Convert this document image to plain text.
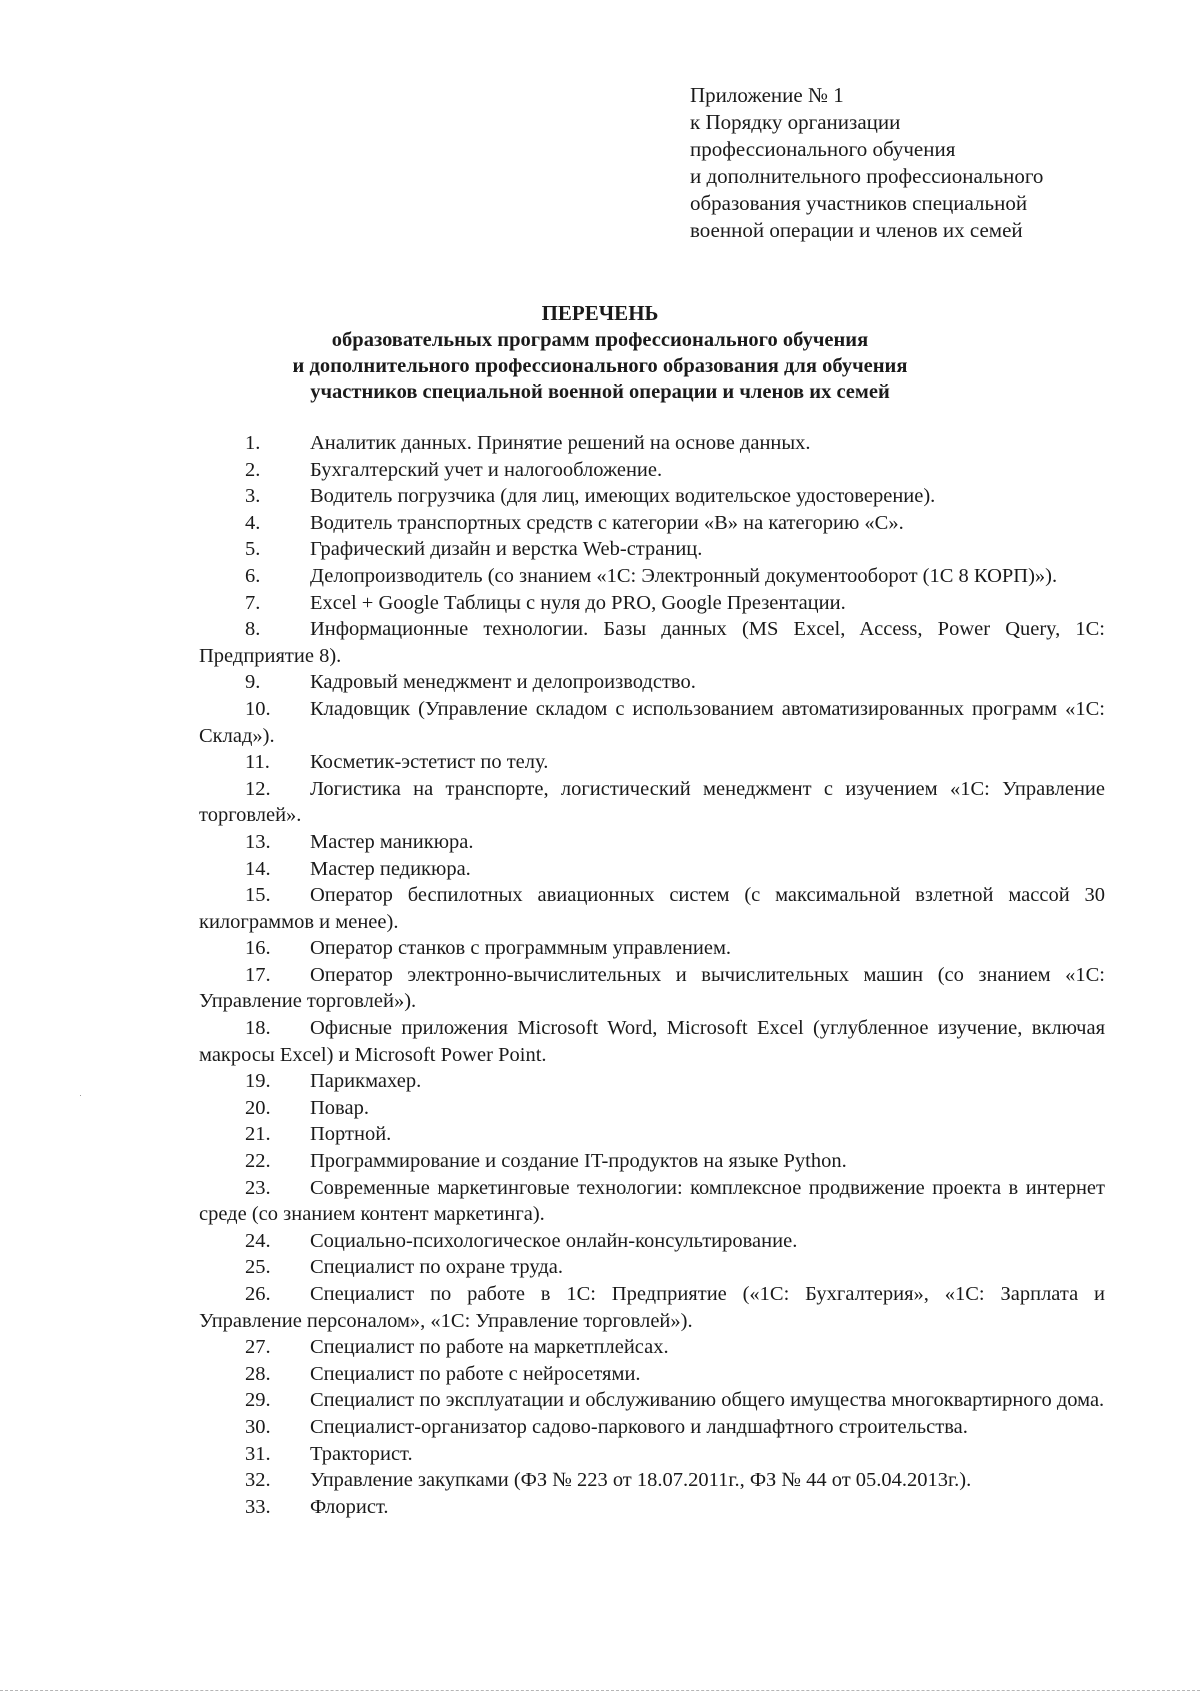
Приложение № 1
к Порядку организации
профессионального обучения
и дополнительного профессионального
образования участников специальной
военной операции и членов их семей
ПЕРЕЧЕНЬ
образовательных программ профессионального обучения
и дополнительного профессионального образования для обучения
участников специальной военной операции и членов их семей
1. Аналитик данных. Принятие решений на основе данных.
2. Бухгалтерский учет и налогообложение.
3. Водитель погрузчика (для лиц, имеющих водительское удостоверение).
4. Водитель транспортных средств с категории «В» на категорию «С».
5. Графический дизайн и верстка Web-страниц.
6. Делопроизводитель (со знанием «1С: Электронный документооборот (1С 8 КОРП)»).
7. Excel + Google Таблицы с нуля до PRO, Google Презентации.
8. Информационные технологии. Базы данных (MS Excel, Access, Power Query, 1С: Предприятие 8).
9. Кадровый менеджмент и делопроизводство.
10. Кладовщик (Управление складом с использованием автоматизированных программ «1С: Склад»).
11. Косметик-эстетист по телу.
12. Логистика на транспорте, логистический менеджмент с изучением «1С: Управление торговлей».
13. Мастер маникюра.
14. Мастер педикюра.
15. Оператор беспилотных авиационных систем (с максимальной взлетной массой 30 килограммов и менее).
16. Оператор станков с программным управлением.
17. Оператор электронно-вычислительных и вычислительных машин (со знанием «1С: Управление торговлей»).
18. Офисные приложения Microsoft Word, Microsoft Excel (углубленное изучение, включая макросы Excel) и Microsoft Power Point.
19. Парикмахер.
20. Повар.
21. Портной.
22. Программирование и создание IT-продуктов на языке Python.
23. Современные маркетинговые технологии: комплексное продвижение проекта в интернет среде (со знанием контент маркетинга).
24. Социально-психологическое онлайн-консультирование.
25. Специалист по охране труда.
26. Специалист по работе в 1С: Предприятие («1С: Бухгалтерия», «1С: Зарплата и Управление персоналом», «1С: Управление торговлей»).
27. Специалист по работе на маркетплейсах.
28. Специалист по работе с нейросетями.
29. Специалист по эксплуатации и обслуживанию общего имущества многоквартирного дома.
30. Специалист-организатор садово-паркового и ландшафтного строительства.
31. Тракторист.
32. Управление закупками (ФЗ № 223 от 18.07.2011г., ФЗ № 44 от 05.04.2013г.).
33. Флорист.
